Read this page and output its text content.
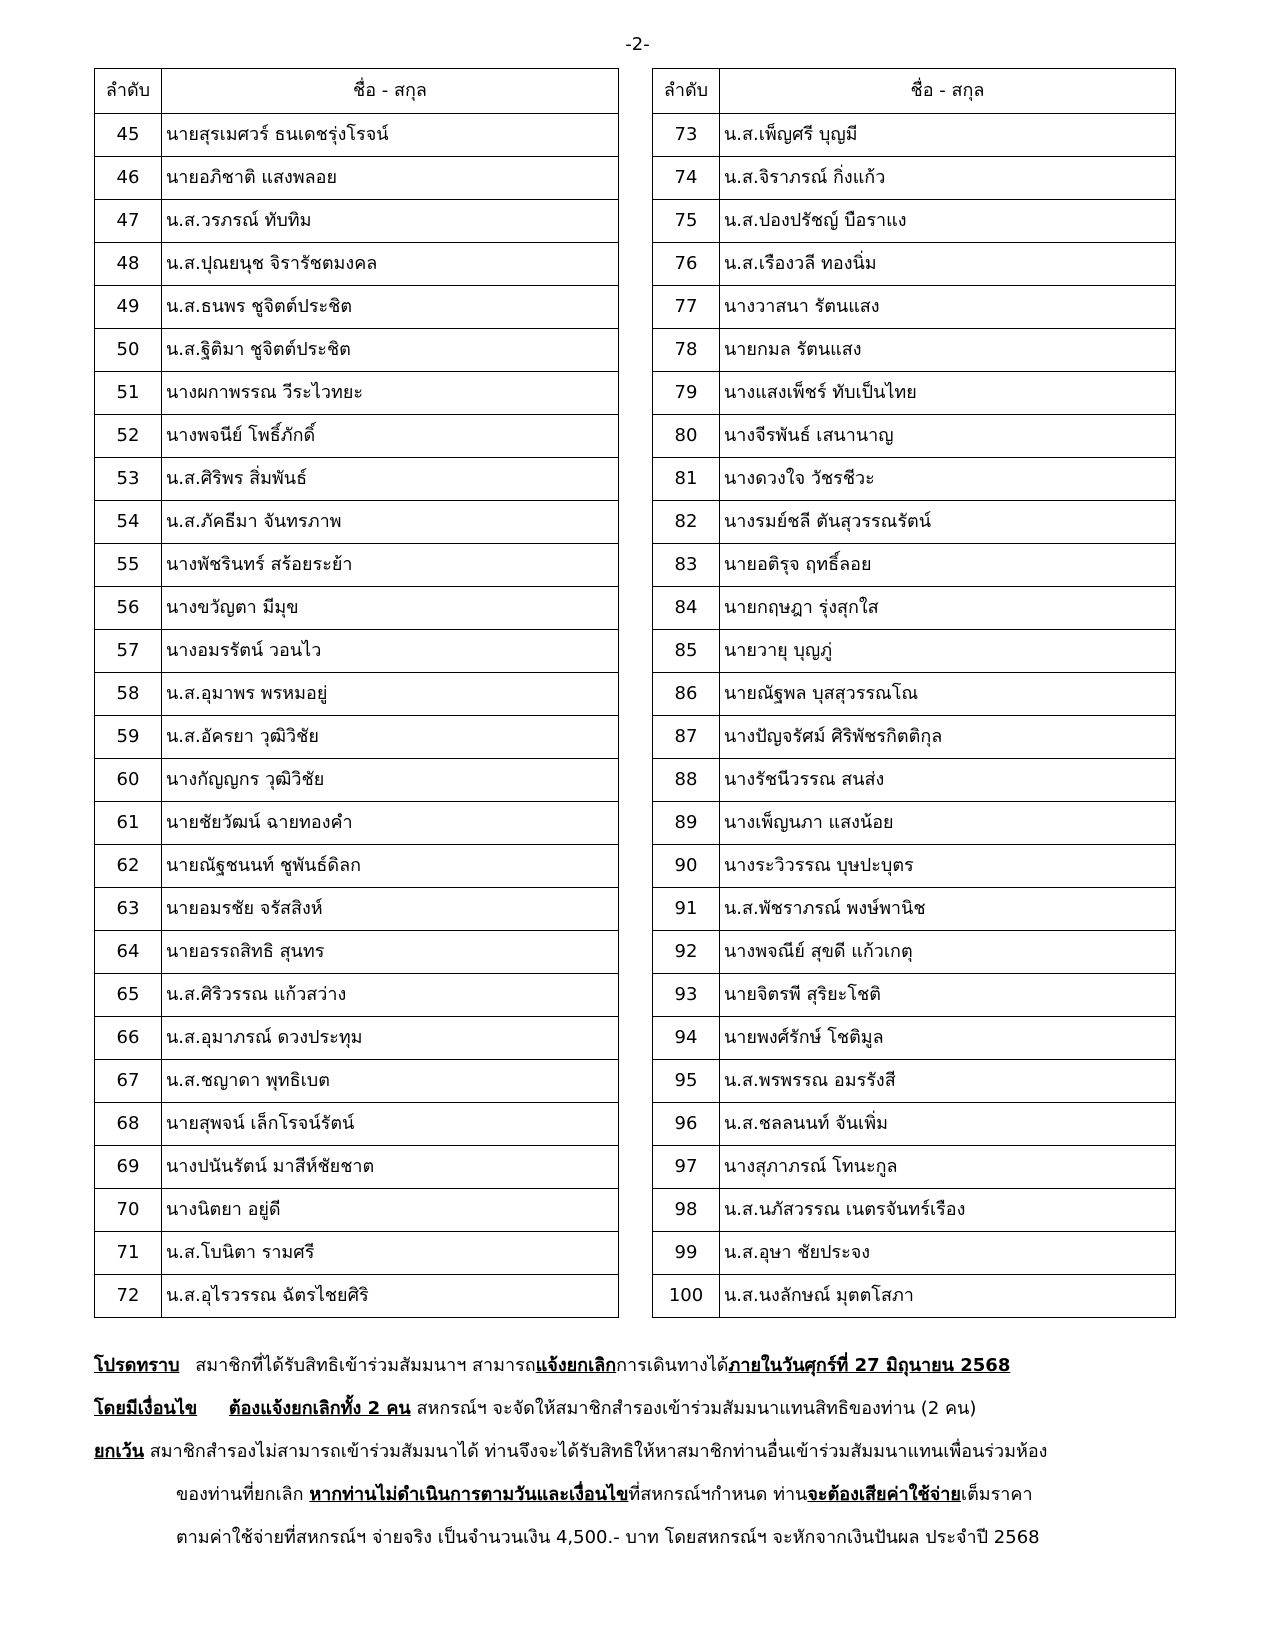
-2-
ลำดับ	ชื่อ - สกุล
45	นายสุรเมศวร์ ธนเดชรุ่งโรจน์
46	นายอภิชาติ แสงพลอย
47	น.ส.วรภรณ์ ทับทิม
48	น.ส.ปุณยนุช จิรารัชตมงคล
49	น.ส.ธนพร ชูจิตต์ประชิต
50	น.ส.ฐิติมา ชูจิตต์ประชิต
51	นางผกาพรรณ วีระไวทยะ
52	นางพจนีย์ โพธิ์ภักดิ์
53	น.ส.ศิริพร สิ่มพันธ์
54	น.ส.ภัคธีมา จันทรภาพ
55	นางพัชรินทร์ สร้อยระย้า
56	นางขวัญตา มีมุข
57	นางอมรรัตน์ วอนไว
58	น.ส.อุมาพร พรหมอยู่
59	น.ส.อัครยา วุฒิวิชัย
60	นางกัญญกร วุฒิวิชัย
61	นายชัยวัฒน์ ฉายทองคำ
62	นายณัฐชนนท์ ชูพันธ์ดิลก
63	นายอมรชัย จรัสสิงห์
64	นายอรรถสิทธิ สุนทร
65	น.ส.ศิริวรรณ แก้วสว่าง
66	น.ส.อุมาภรณ์ ดวงประทุม
67	น.ส.ชญาดา พุทธิเบต
68	นายสุพจน์ เล็กโรจน์รัตน์
69	นางปนันรัตน์ มาสีห์ชัยชาต
70	นางนิตยา อยู่ดี
71	น.ส.โบนิตา รามศรี
72	น.ส.อุไรวรรณ ฉัตรไชยศิริ
ลำดับ	ชื่อ - สกุล
73	น.ส.เพ็ญศรี บุญมี
74	น.ส.จิราภรณ์ กิ่งแก้ว
75	น.ส.ปองปรัชญ์ บือราแง
76	น.ส.เรืองวลี ทองนิ่ม
77	นางวาสนา รัตนแสง
78	นายกมล รัตนแสง
79	นางแสงเพ็ชร์ ทับเป็นไทย
80	นางจีรพันธ์ เสนานาญ
81	นางดวงใจ วัชรชีวะ
82	นางรมย์ชลี ตันสุวรรณรัตน์
83	นายอติรุจ ฤทธิ์ลอย
84	นายกฤษฎา รุ่งสุกใส
85	นายวายุ บุญภู่
86	นายณัฐพล บุสสุวรรณโณ
87	นางปัญจรัศม์ ศิริพัชรกิตติกุล
88	นางรัชนีวรรณ สนส่ง
89	นางเพ็ญนภา แสงน้อย
90	นางระวิวรรณ บุษปะบุตร
91	น.ส.พัชราภรณ์ พงษ์พานิช
92	นางพจณีย์ สุขดี แก้วเกตุ
93	นายจิตรพี สุริยะโชติ
94	นายพงศ์รักษ์ โชติมูล
95	น.ส.พรพรรณ อมรรังสี
96	น.ส.ชลลนนท์ จันเพิ่ม
97	นางสุภาภรณ์ โทนะกูล
98	น.ส.นภัสวรรณ เนตรจันทร์เรือง
99	น.ส.อุษา ชัยประจง
100	น.ส.นงลักษณ์ มุตตโสภา
โปรดทราบ สมาชิกที่ได้รับสิทธิเข้าร่วมสัมมนาฯ สามารถแจ้งยกเลิกการเดินทางได้ภายในวันศุกร์ที่ 27 มิถุนายน 2568
โดยมีเงื่อนไข ต้องแจ้งยกเลิกทั้ง 2 คน สหกรณ์ฯ จะจัดให้สมาชิกสำรองเข้าร่วมสัมมนาแทนสิทธิของท่าน (2 คน)
ยกเว้น สมาชิกสำรองไม่สามารถเข้าร่วมสัมมนาได้ ท่านจึงจะได้รับสิทธิให้หาสมาชิกท่านอื่นเข้าร่วมสัมมนาแทนเพื่อนร่วมห้อง
ของท่านที่ยกเลิก หากท่านไม่ดำเนินการตามวันและเงื่อนไขที่สหกรณ์ฯกำหนด ท่านจะต้องเสียค่าใช้จ่ายเต็มราคา
ตามค่าใช้จ่ายที่สหกรณ์ฯ จ่ายจริง เป็นจำนวนเงิน 4,500.- บาท โดยสหกรณ์ฯ จะหักจากเงินปันผล ประจำปี 2568
